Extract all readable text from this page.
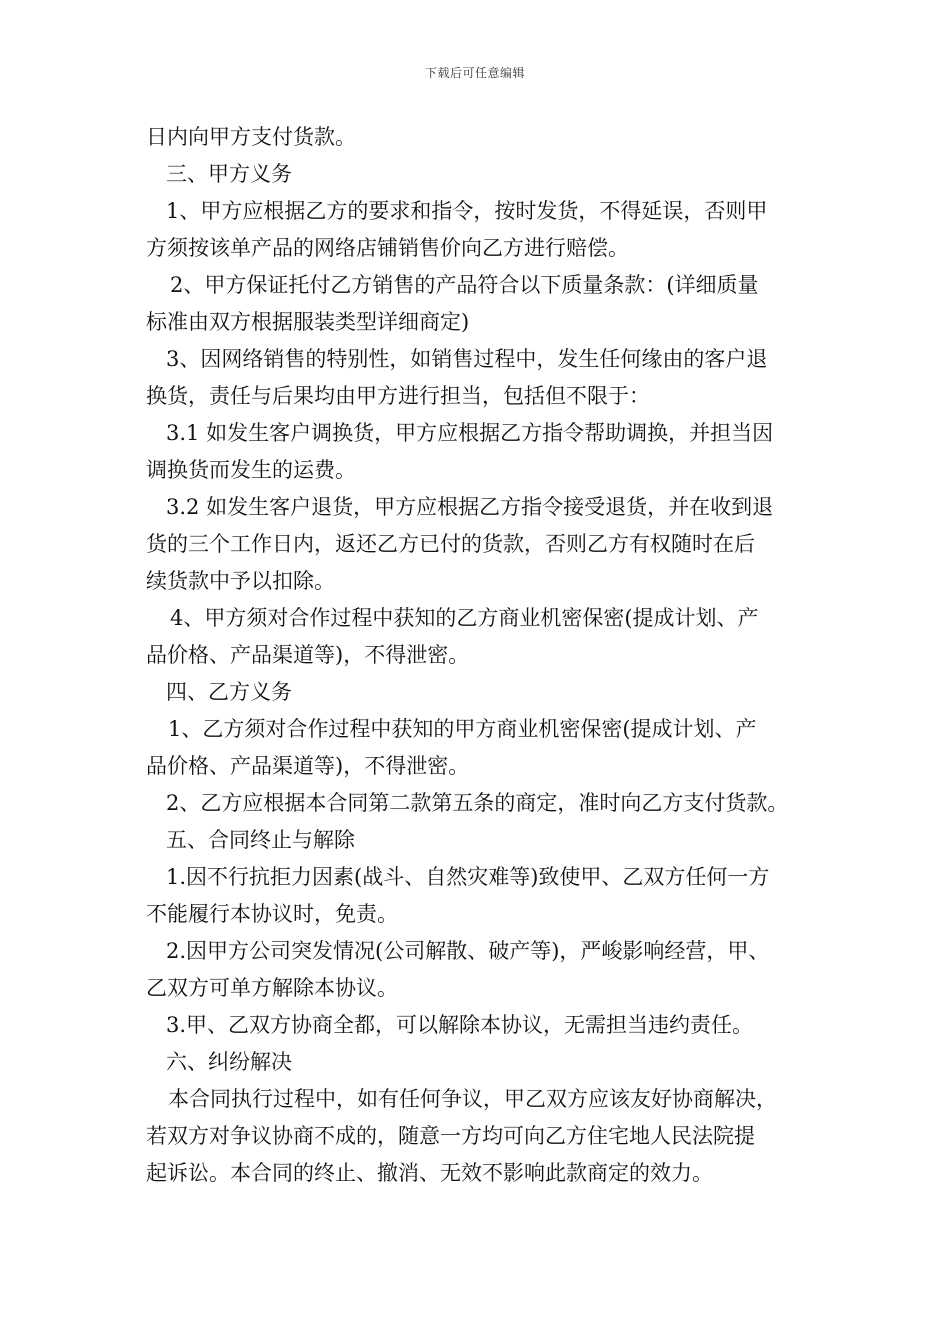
下载后可任意编辑
日内向甲方支付货款。
三、甲方义务
1、甲方应根据乙方的要求和指令，按时发货，不得延误，否则甲
方须按该单产品的网络店铺销售价向乙方进行赔偿。
2、甲方保证托付乙方销售的产品符合以下质量条款：(详细质量
标准由双方根据服装类型详细商定)
3、因网络销售的特别性，如销售过程中，发生任何缘由的客户退
换货，责任与后果均由甲方进行担当，包括但不限于：
3.1 如发生客户调换货，甲方应根据乙方指令帮助调换，并担当因
调换货而发生的运费。
3.2 如发生客户退货，甲方应根据乙方指令接受退货，并在收到退
货的三个工作日内，返还乙方已付的货款，否则乙方有权随时在后
续货款中予以扣除。
4、甲方须对合作过程中获知的乙方商业机密保密(提成计划、产
品价格、产品渠道等)，不得泄密。
四、乙方义务
1、乙方须对合作过程中获知的甲方商业机密保密(提成计划、产
品价格、产品渠道等)，不得泄密。
2、乙方应根据本合同第二款第五条的商定，准时向乙方支付货款。
五、合同终止与解除
1.因不行抗拒力因素(战斗、自然灾难等)致使甲、乙双方任何一方
不能履行本协议时，免责。
2.因甲方公司突发情况(公司解散、破产等)，严峻影响经营，甲、
乙双方可单方解除本协议。
3.甲、乙双方协商全都，可以解除本协议，无需担当违约责任。
六、纠纷解决
本合同执行过程中，如有任何争议，甲乙双方应该友好协商解决，
若双方对争议协商不成的，随意一方均可向乙方住宅地人民法院提
起诉讼。本合同的终止、撤消、无效不影响此款商定的效力。
